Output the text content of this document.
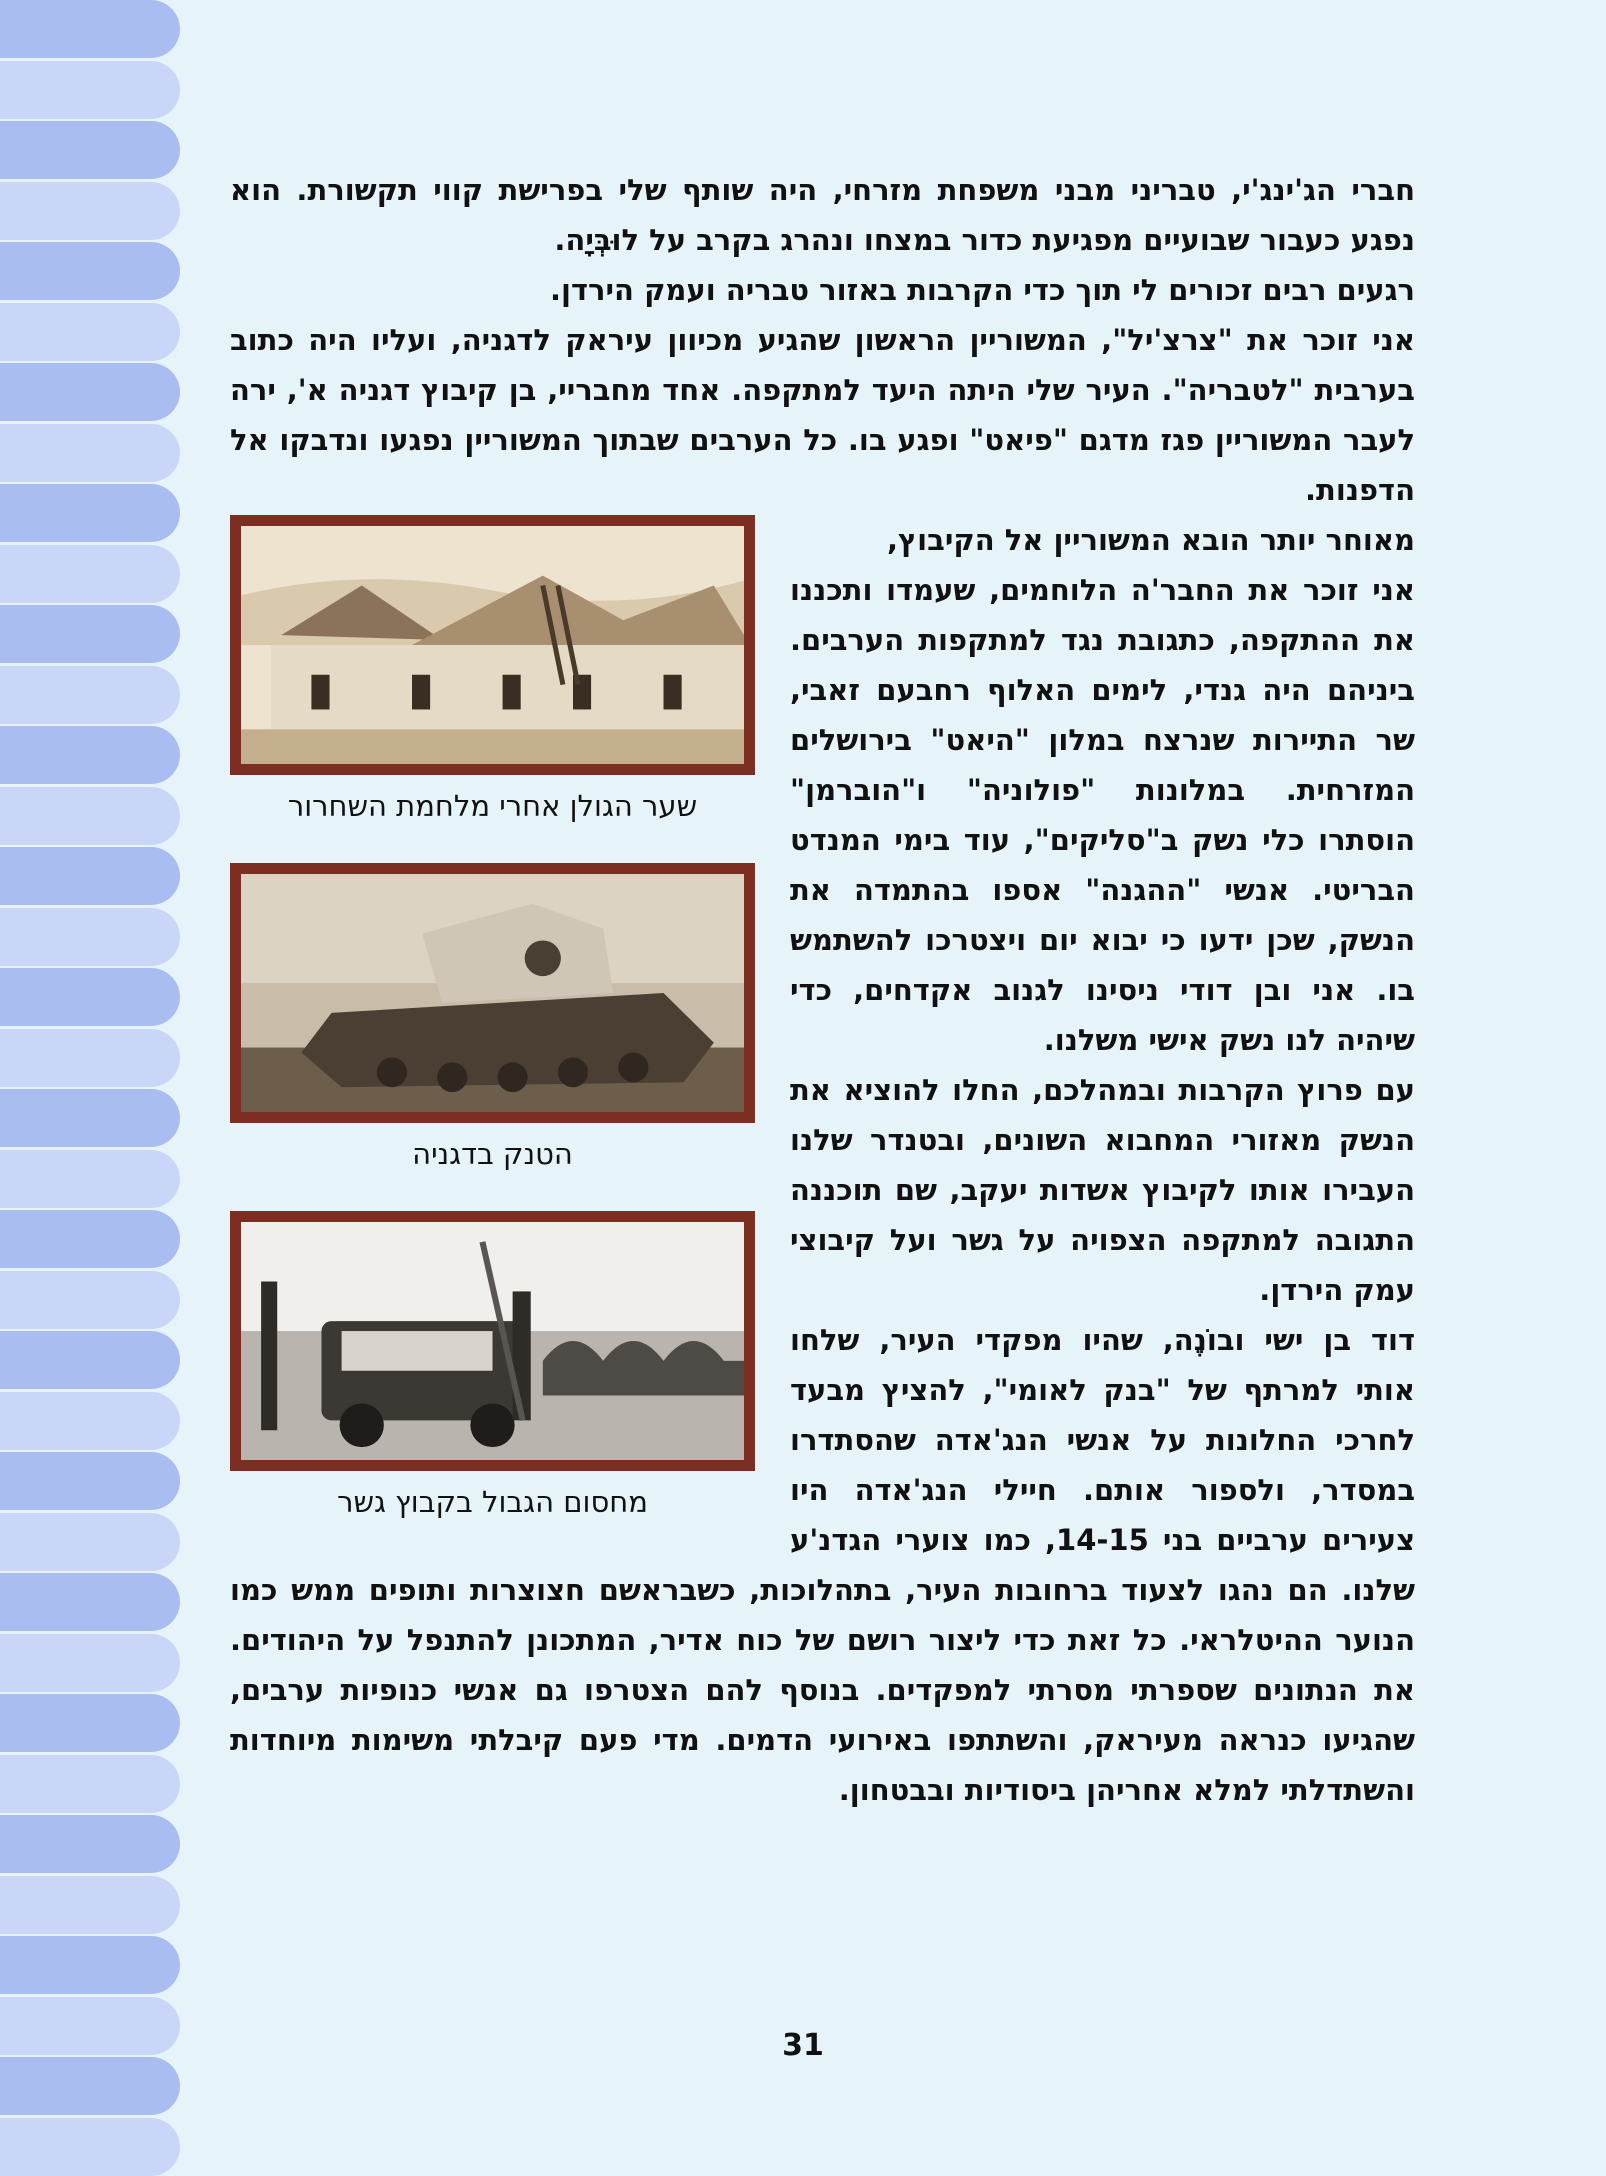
חברי הג'ינג'י, טבריני מבני משפחת מזרחי, היה שותף שלי בפרישת קווי תקשורת. הוא נפגע כעבור שבועיים מפגיעת כדור במצחו ונהרג בקרב על לוּבְּיָה.

רגעים רבים זכורים לי תוך כדי הקרבות באזור טבריה ועמק הירדן.

אני זוכר את "צרצ'יל", המשוריין הראשון שהגיע מכיוון עיראק לדגניה, ועליו היה כתוב בערבית "לטבריה". העיר שלי היתה היעד למתקפה. אחד מחבריי, בן קיבוץ דגניה א', ירה לעבר המשוריין פגז מדגם "פיאט" ופגע בו. כל הערבים שבתוך המשוריין נפגעו ונדבקו אל הדפנות.

שער הגולן אחרי מלחמת השחרור
הטנק בדגניה
מחסום הגבול בקבוץ גשר

מאוחר יותר הובא המשוריין אל הקיבוץ,

אני זוכר את החבר'ה הלוחמים, שעמדו ותכננו את ההתקפה, כתגובת נגד למתקפות הערבים. ביניהם היה גנדי, לימים האלוף רחבעם זאבי, שר התיירות שנרצח במלון "היאט" בירושלים המזרחית. במלונות "פולוניה" ו"הוברמן" הוסתרו כלי נשק ב"סליקים", עוד בימי המנדט הבריטי. אנשי "ההגנה" אספו בהתמדה את הנשק, שכן ידעו כי יבוא יום ויצטרכו להשתמש בו. אני ובן דודי ניסינו לגנוב אקדחים, כדי שיהיה לנו נשק אישי משלנו.

עם פרוץ הקרבות ובמהלכם, החלו להוציא את הנשק מאזורי המחבוא השונים, ובטנדר שלנו העבירו אותו לקיבוץ אשדות יעקב, שם תוכננה התגובה למתקפה הצפויה על גשר ועל קיבוצי עמק הירדן.

דוד בן ישי ובוֹנֶה, שהיו מפקדי העיר, שלחו אותי למרתף של "בנק לאומי", להציץ מבעד לחרכי החלונות על אנשי הנג'אדה שהסתדרו במסדר, ולספור אותם. חיילי הנג'אדה היו צעירים ערביים בני 14-15, כמו צוערי הגדנ'ע שלנו. הם נהגו לצעוד ברחובות העיר, בתהלוכות, כשבראשם חצוצרות ותופים ממש כמו הנוער ההיטלראי. כל זאת כדי ליצור רושם של כוח אדיר, המתכונן להתנפל על היהודים. את הנתונים שספרתי מסרתי למפקדים. בנוסף להם הצטרפו גם אנשי כנופיות ערבים, שהגיעו כנראה מעיראק, והשתתפו באירועי הדמים. מדי פעם קיבלתי משימות מיוחדות והשתדלתי למלא אחריהן ביסודיות ובבטחון.

31
